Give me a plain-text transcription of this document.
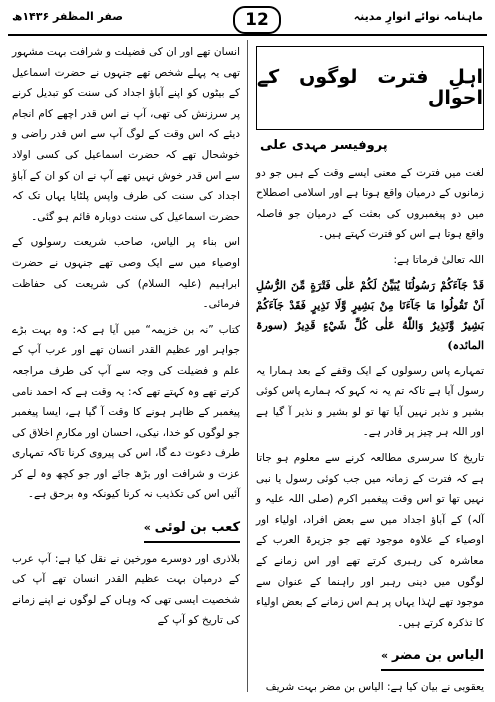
صفر المظفر ۱۴۳۶ھ	12	ماہنامہ نوائے انوارِ مدینہ
اہلِ فترت لوگوں کے احوال
پروفیسر مہدی علی

لغت میں فترت کے معنی ایسے وقت کے ہیں جو دو زمانوں کے درمیان واقع ہوتا ہے اور اسلامی اصطلاح میں دو پیغمبروں کی بعثت کے درمیان جو فاصلہ واقع ہوتا ہے اس کو فترت کہتے ہیں۔

اللہ تعالیٰ فرماتا ہے:

قَدْ جَآءَكُمْ رَسُولُنَا يُبَيِّنُ لَكُمْ عَلٰى فَتْرَةٍ مِّنَ الرُّسُلِ اَنْ تَقُولُوا مَا جَآءَنَا مِنْ بَشِيرٍ وَّلَا نَذِيرٍ فَقَدْ جَآءَكُمْ بَشِيرٌ وَّنَذِيرٌ وَاللّٰهُ عَلٰى كُلِّ شَيْءٍ قَدِيرٌ (سورۃ المائدہ)

تمہارے پاس رسولوں کے ایک وقفے کے بعد ہمارا یہ رسول آیا ہے تاکہ تم یہ نہ کہو کہ ہمارے پاس کوئی بشیر و نذیر نہیں آیا تھا تو لو بشیر و نذیر آ گیا ہے اور اللہ ہر چیز پر قادر ہے۔

تاریخ کا سرسری مطالعہ کرنے سے معلوم ہو جاتا ہے کہ فترت کے زمانہ میں جب کوئی رسول یا نبی نہیں تھا تو اس وقت پیغمبر اکرم (صلی اللہ علیہ و آلہ) کے آباؤ اجداد میں سے بعض افراد، اولیاء اور اوصیاء کے علاوہ موجود تھے جو جزیرۃ العرب کے معاشرہ کی رہبری کرتے تھے اور اس زمانے کے لوگوں میں دینی رہبر اور راہنما کے عنوان سے موجود تھے لہٰذا یہاں پر ہم اس زمانے کے بعض اولیاء کا تذکرہ کرتے ہیں۔

الیاس بن مضر »

یعقوبی نے بیان کیا ہے: الیاس بن مضر بہت شریف

انسان تھے اور ان کی فضیلت و شرافت بہت مشہور تھی یہ پہلے شخص تھے جنہوں نے حضرت اسماعیل کے بیٹوں کو اپنے آباؤ اجداد کی سنت کو تبدیل کرنے پر سرزنش کی تھی، آپ نے اس قدر اچھے کام انجام دیئے کہ اس وقت کے لوگ آپ سے اس قدر راضی و خوشحال تھے کہ حضرت اسماعیل کی کسی اولاد سے اس قدر خوش نہیں تھے آپ نے ان کو ان کے آباؤ اجداد کی سنت کی طرف واپس پلٹایا یہاں تک کہ حضرت اسماعیل کی سنت دوبارہ قائم ہو گئی۔

اس بناء پر الیاس، صاحب شریعت رسولوں کے اوصیاء میں سے ایک وصی تھے جنہوں نے حضرت ابراہیم (علیہ السلام) کی شریعت کی حفاظت فرمائی۔

کتاب ”نہ بن خزیمہ“ میں آیا ہے کہ: وہ بہت بڑے جواہر اور عظیم القدر انسان تھے اور عرب آپ کے علم و فضیلت کی وجہ سے آپ کی طرف مراجعہ کرتے تھے وہ کہتے تھے کہ: یہ وقت ہے کہ احمد نامی پیغمبر کے ظاہر ہونے کا وقت آ گیا ہے، ایسا پیغمبر جو لوگوں کو خدا، نیکی، احسان اور مکارمِ اخلاق کی طرف دعوت دے گا، اس کی پیروی کرنا تاکہ تمہاری عزت و شرافت اور بڑھ جائے اور جو کچھ وہ لے کر آئیں اس کی تکذیب نہ کرنا کیونکہ وہ برحق ہے۔

کعب بن لوئی »

بلاذری اور دوسرے مورخین نے نقل کیا ہے: آپ عرب کے درمیان بہت عظیم القدر انسان تھے آپ کی شخصیت ایسی تھی کہ وہاں کے لوگوں نے اپنے زمانے کی تاریخ کو آپ کے
